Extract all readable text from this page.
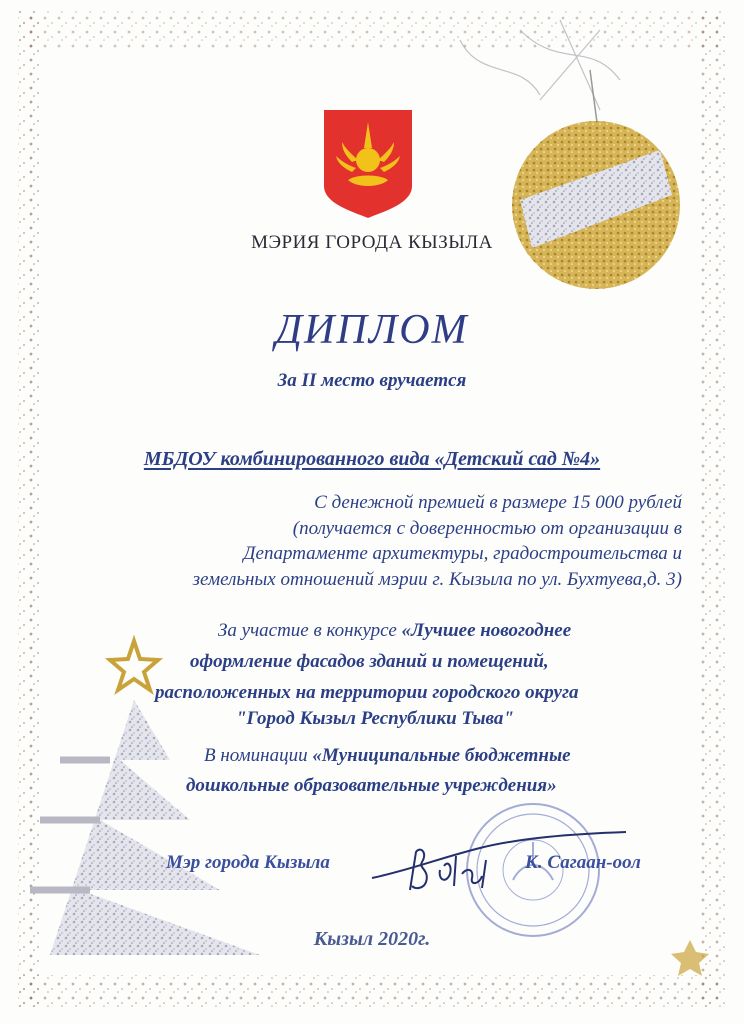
МЭРИЯ ГОРОДА КЫЗЫЛА
ДИПЛОМ
За II место вручается
МБДОУ комбинированного вида «Детский сад №4»
С денежной премией в размере 15 000 рублей
(получается с доверенностью от организации в
Департаменте архитектуры, градостроительства и
земельных отношений мэрии г. Кызыла по ул. Бухтуева,д. 3)
За участие в конкурсе «Лучшее новогоднее
оформление фасадов зданий и помещений,
расположенных на территории городского округа
"Город Кызыл Республики Тыва"
В номинации «Муниципальные бюджетные
дошкольные образовательные учреждения»
Мэр города Кызыла	К. Сагаан-оол
Кызыл 2020г.
